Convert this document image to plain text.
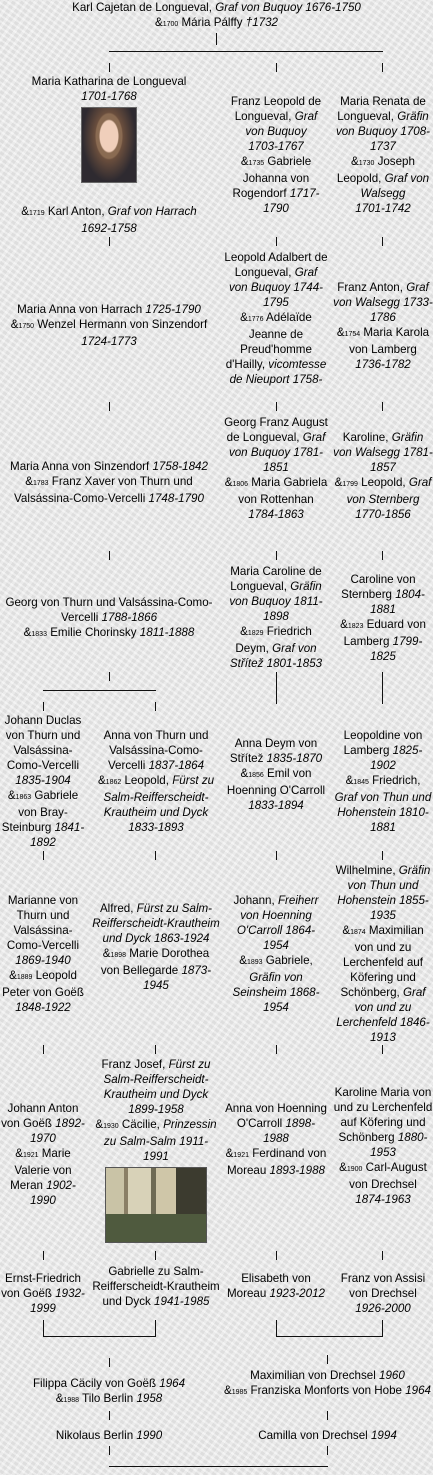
Karl Cajetan de Longueval, Graf von Buquoy 1676-1750
&1700 Mária Pálffy †1732
Maria Katharina de Longueval
1701-1768
&1719 Karl Anton, Graf von Harrach
1692-1758
Franz Leopold de Longueval, Graf von Buquoy
1703-1767
&1735 Gabriele Johanna von Rogendorf 1717-1790
Maria Renata de Longueval, Gräfin von Buquoy 1708-1737
&1730 Joseph Leopold, Graf von Walsegg
1701-1742
Maria Anna von Harrach 1725-1790
&1750 Wenzel Hermann von Sinzendorf
1724-1773
Leopold Adalbert de Longueval, Graf von Buquoy 1744-1795
&1776 Adélaïde Jeanne de Preud'homme d'Hailly, vicomtesse de Nieuport 1758-
Franz Anton, Graf von Walsegg 1733-1786
&1754 Maria Karola von Lamberg 1736-1782
Maria Anna von Sinzendorf 1758-1842
&1783 Franz Xaver von Thurn und Valsássina-Como-Vercelli 1748-1790
Georg Franz August de Longueval, Graf von Buquoy 1781-1851
&1806 Maria Gabriela von Rottenhan 1784-1863
Karoline, Gräfin von Walsegg 1781-1857
&1799 Leopold, Graf von Sternberg 1770-1856
Georg von Thurn und Valsássina-Como-Vercelli 1788-1866
&1833 Emilie Chorinsky 1811-1888
Maria Caroline de Longueval, Gräfin von Buquoy 1811-1898
&1829 Friedrich Deym, Graf von Střítež 1801-1853
Caroline von Sternberg 1804-1881
&1823 Eduard von Lamberg 1799-1825
Johann Duclas von Thurn und Valsássina-Como-Vercelli 1835-1904
&1863 Gabriele von Bray-Steinburg 1841-1892
Anna von Thurn und Valsássina-Como-Vercelli 1837-1864
&1862 Leopold, Fürst zu Salm-Reifferscheidt-Krautheim und Dyck 1833-1893
Anna Deym von Střítež 1835-1870
&1856 Emil von Hoenning O'Carroll 1833-1894
Leopoldine von Lamberg 1825-1902
&1845 Friedrich, Graf von Thun und Hohenstein 1810-1881
Marianne von Thurn und Valsássina-Como-Vercelli 1869-1940
&1889 Leopold Peter von Goëß 1848-1922
Alfred, Fürst zu Salm-Reifferscheidt-Krautheim und Dyck 1863-1924
&1898 Marie Dorothea von Bellegarde 1873-1945
Johann, Freiherr von Hoenning O'Carroll 1864-1954
&1893 Gabriele, Gräfin von Seinsheim 1868-1954
Wilhelmine, Gräfin von Thun und Hohenstein 1855-1935
&1874 Maximilian von und zu Lerchenfeld auf Köfering und Schönberg, Graf von und zu Lerchenfeld 1846-1913
Johann Anton von Goëß 1892-1970
&1921 Marie Valerie von Meran 1902-1990
Franz Josef, Fürst zu Salm-Reifferscheidt-Krautheim und Dyck 1899-1958
&1930 Cäcilie, Prinzessin zu Salm-Salm 1911-1991
Anna von Hoenning O'Carroll 1898-1988
&1921 Ferdinand von Moreau 1893-1988
Karoline Maria von und zu Lerchenfeld auf Köfering und Schönberg 1880-1953
&1900 Carl-August von Drechsel 1874-1963
Ernst-Friedrich von Goëß 1932-1999
Gabrielle zu Salm-Reifferscheidt-Krautheim und Dyck 1941-1985
Elisabeth von Moreau 1923-2012
Franz von Assisi von Drechsel 1926-2000
Filippa Cäcily von Goëß 1964
&1988 Tilo Berlin 1958
Maximilian von Drechsel 1960
&1985 Franziska Monforts von Hobe 1964
Nikolaus Berlin 1990	Camilla von Drechsel 1994
